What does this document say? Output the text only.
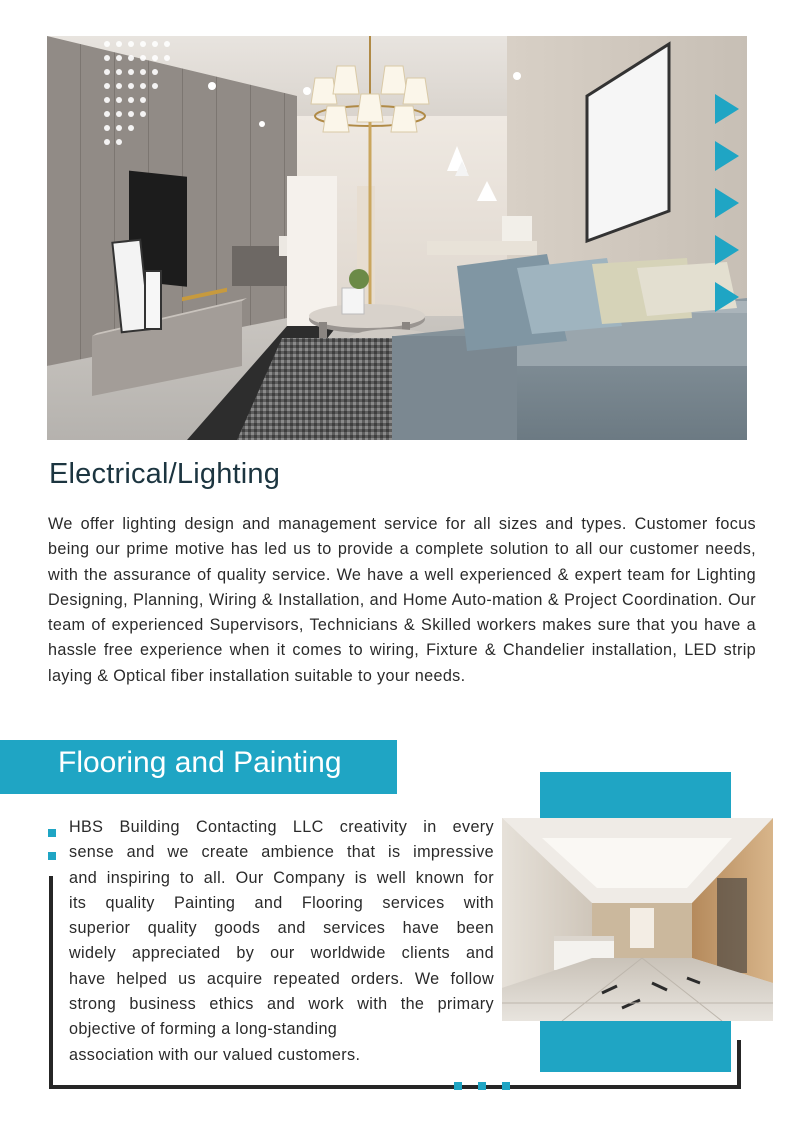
Electrical/Lighting
We offer lighting design and management service for all sizes and types. Customer focus being our prime motive has led us to provide a complete solution to all our customer needs, with the assurance of quality service. We have a well experienced & expert team for Lighting Designing, Planning, Wiring & Installation, and Home Auto-mation & Project Coordination. Our team of experienced Supervisors, Technicians & Skilled workers makes sure that you have a hassle free experience when it comes to wiring, Fixture & Chandelier installation, LED strip laying & Optical fiber installation suitable to your needs.
Flooring and Painting
HBS Building Contacting LLC creativity in every
sense and we create ambience that is impressive
and inspiring to all. Our Company is well known for
its quality Painting and Flooring services with
superior quality goods and services have been
widely appreciated by our worldwide clients and
have helped us acquire repeated orders. We follow
strong business ethics and work with the primary
objective of forming a long-standing
association with our valued customers.
